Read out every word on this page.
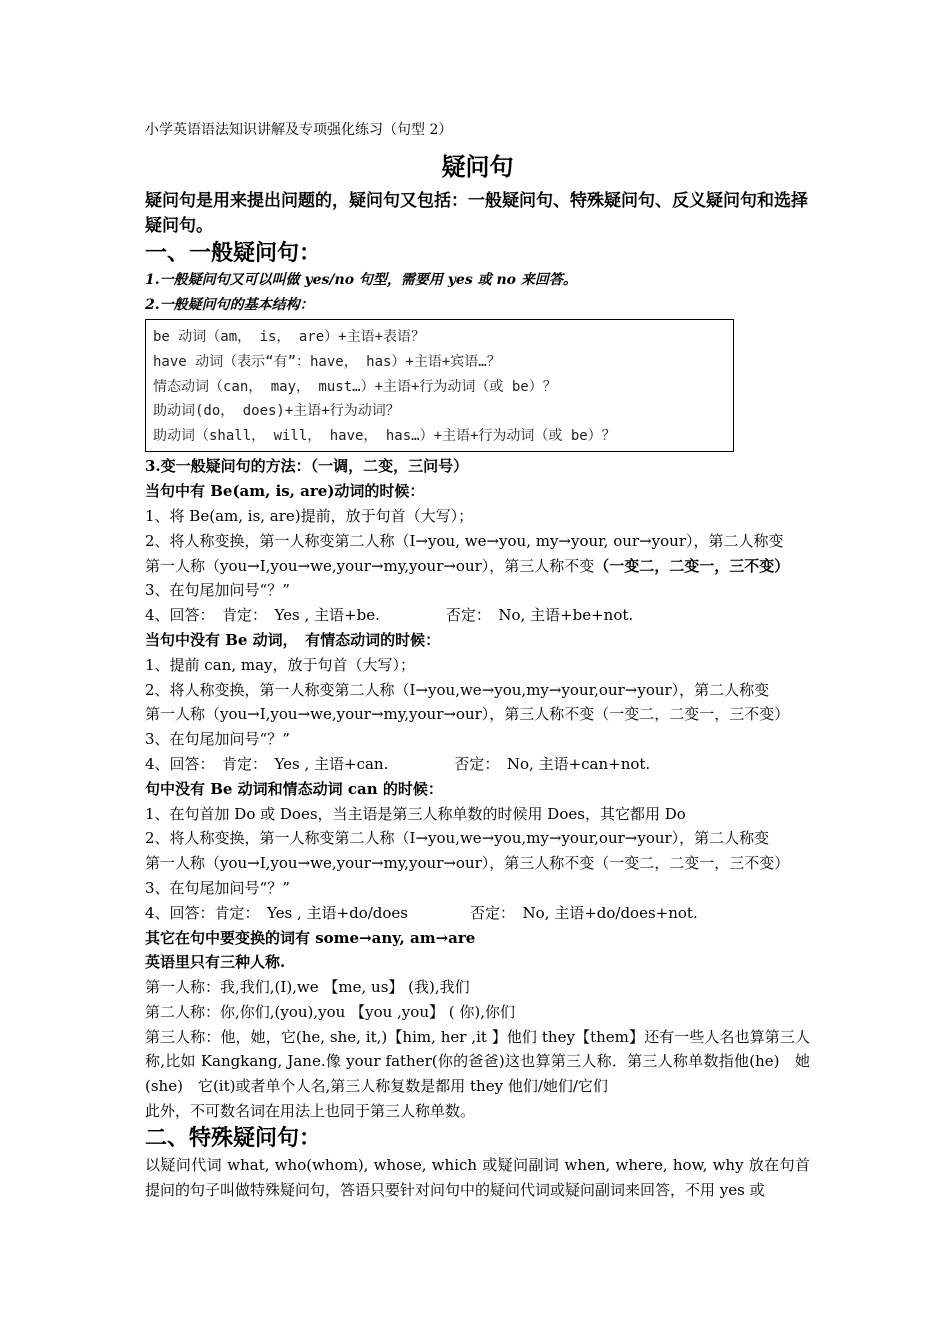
小学英语语法知识讲解及专项强化练习（句型 2）
疑问句
疑问句是用来提出问题的，疑问句又包括：一般疑问句、特殊疑问句、反义疑问句和选择疑问句。
一、一般疑问句：
1.一般疑问句又可以叫做 yes/no 句型，需要用 yes 或 no 来回答。
2.一般疑问句的基本结构：
be 动词（am， is， are）+主语+表语？
have 动词（表示“有”：have， has）+主语+宾语…？
情态动词（can， may， must…）+主语+行为动词（或 be）？
助动词(do， does)+主语+行为动词？
助动词（shall， will， have， has…）+主语+行为动词（或 be）？
3.变一般疑问句的方法：（一调，二变，三问号）
当句中有 Be(am, is, are)动词的时候：
1、将 Be(am, is, are)提前，放于句首（大写）；
2、将人称变换，第一人称变第二人称（I→you, we→you, my→your, our→your），第二人称变
第一人称（you→I,you→we,your→my,your→our），第三人称不变（一变二，二变一，三不变）
3、在句尾加问号“？”
4、回答：　肯定：　Yes , 主语+be.	否定：　No, 主语+be+not.
当句中没有 Be 动词，　有情态动词的时候：
1、提前 can, may，放于句首（大写）；
2、将人称变换，第一人称变第二人称（I→you,we→you,my→your,our→your），第二人称变
第一人称（you→I,you→we,your→my,your→our），第三人称不变（一变二，二变一，三不变）
3、在句尾加问号“？”
4、回答：　肯定：　Yes , 主语+can.	否定：　No, 主语+can+not.
句中没有 Be 动词和情态动词 can 的时候：
1、在句首加 Do 或 Does，当主语是第三人称单数的时候用 Does，其它都用 Do
2、将人称变换，第一人称变第二人称（I→you,we→you,my→your,our→your），第二人称变
第一人称（you→I,you→we,your→my,your→our），第三人称不变（一变二，二变一，三不变）
3、在句尾加问号“？”
4、回答：肯定：　Yes , 主语+do/does	否定：　No, 主语+do/does+not.
其它在句中要变换的词有 some→any, am→are
英语里只有三种人称.
第一人称：我,我们,(I),we 【me, us】 (我),我们
第二人称：你,你们,(you),you 【you ,you】 ( 你),你们
第三人称：他，她，它(he, she, it,)【him, her ,it 】他们 they【them】还有一些人名也算第三人称,比如 Kangkang, Jane.像 your father(你的爸爸)这也算第三人称．第三人称单数指他(he)　她(she)　它(it)或者单个人名,第三人称复数是都用 they 他们/她们/它们
此外，不可数名词在用法上也同于第三人称单数。
二、特殊疑问句：
以疑问代词 what, who(whom), whose, which 或疑问副词 when, where, how, why 放在句首提问的句子叫做特殊疑问句，答语只要针对问句中的疑问代词或疑问副词来回答，不用 yes 或
